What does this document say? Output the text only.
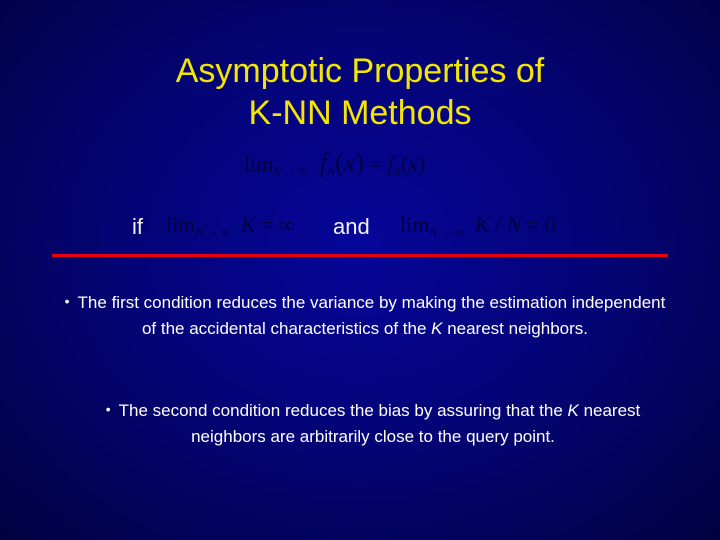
Asymptotic Properties of
K-NN Methods
$\lim_{N \to \infty} f_N(x) = f_X(x)$
if $\lim_{N \to \infty} K$ = ∞ and $\lim_{N \to \infty} K / N = 0$
• The first condition reduces the variance by making the estimation independent of the accidental characteristics of the K nearest neighbors.
• The second condition reduces the bias by assuring that the K nearest neighbors are arbitrarily close to the query point.
